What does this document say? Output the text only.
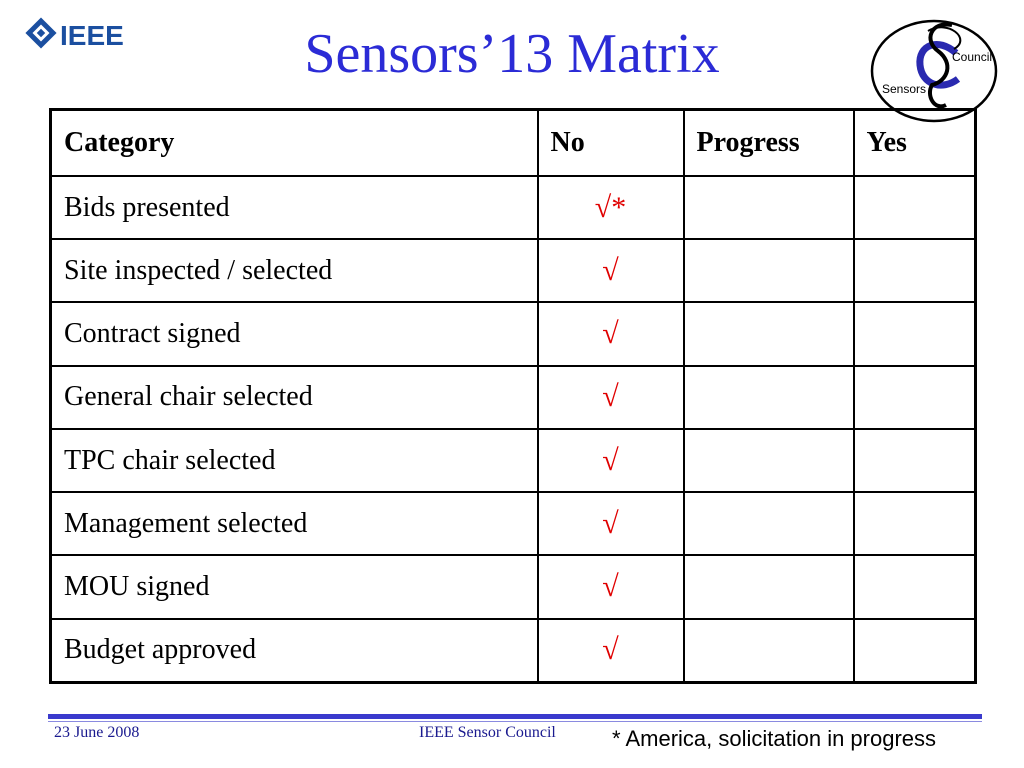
IEEE	Sensors’13 Matrix
Sensors
Council
Category	No	Progress	Yes
Bids presented	√*		
Site inspected / selected	√		
Contract signed	√		
General chair selected	√		
TPC chair selected	√		
Management selected	√		
MOU signed	√		
Budget approved	√		
23 June 2008	IEEE Sensor Council	* America, solicitation in progress
